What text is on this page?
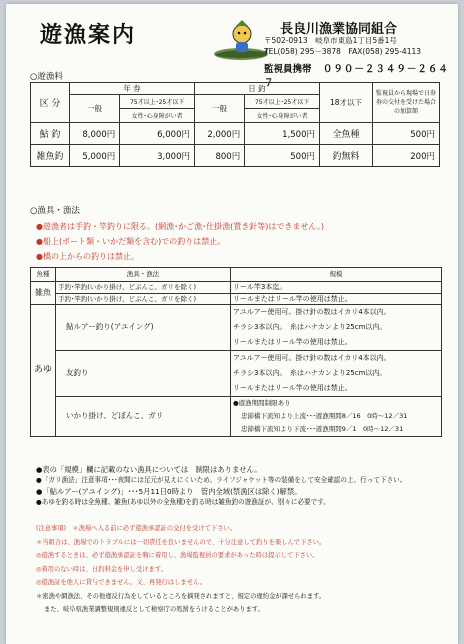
遊漁案内	長良川漁業協同組合
〒502-0913　岐阜市東島1丁目5番1号
TEL(058) 295－3878　FAX(058) 295-4113
監視員携帯 ０９０－２３４９－２６４７
○遊漁料
区 分	年 券		日 釣		18才以下	監視員から現場で日券券の交付を受けた場合の加算額
	一般	75才以上･25才以下	一般	75才以上･25才以下		
		女性･心身障がい者		女性･心身障がい者		
鮎 釣	8,000円	6,000円	2,000円	1,500円	全魚種	500円
雑魚釣	5,000円	3,000円	800円	500円	釣無料	200円
○漁具・漁法
●遊漁者は手釣・竿釣りに限る。(網漁･かご漁･仕掛漁(置き針等)はできません。)
●船上(ボート類・いかだ類を含む)での釣りは禁止。
●橋の上からの釣りは禁止。
魚種	漁具・漁法	規模
雑魚	手釣･竿釣(いかり掛け、どぶんこ、ガリを除く)	リール竿3本迄。
	手釣･竿釣(いかり掛け、どぶんこ、ガリを除く)	リールまたはリール竿の使用は禁止。
あゆ	鮎ルアー釣り(アユイング)	アユルアー使用可。掛け針の数はイカリ4本以内。
チラシ3本以内。　糸はハナカンより25cm以内。
リールまたはリール竿の使用は禁止。

	友釣り	アユルアー使用可。掛け針の数はイカリ4本以内。
チラシ3本以内。　糸はハナカンより25cm以内。
リールまたはリール竿の使用は禁止。

	いかり掛け、どぼんこ、ガリ	●遊漁期間制限あり
忠節橋下流知より上流･･･遊漁期間8／16　0時～12／31
忠節橋下流知より下流･･･遊漁期間9／1　0時～12／31
●表の「規模」欄に記載のない漁具については　制限はありません。
●「ガリ漁法」注意事項･･･夜間には足元が見えにくいため、ライフジャケット等の装備をして安全確認の上、行って下さい。
●「鮎ルアー(アユイング)」･･･5月11日0時より　管内全域(禁漁区は除く)解禁。
●あゆを釣る時は全魚種、雑魚(あゆ以外の全魚種)を釣る時は雑魚釣の遊漁証が、別々に必要です。
(注意事項)　＊漁場へ入る前に必ず遊漁承認証の交付を受けて下さい。
＊当組合は、漁場でのトラブルには一切責任を負いませんので、十分注意して釣りを楽しんで下さい。
◎遊漁するときは、必ず遊漁承認証を胸に着用し、漁場監視員の要求があった時は提示して下さい。
◎着用のない時は、日釣料金を申し受けます。
◎遊漁証を他人に貸与できません。又、再発行はしません。
＊密漁や網漁法、その他違反行為をしているところを摘発されますと、規定の違約金が課せられます。
また、岐阜県漁業調整規則違反として検察庁の処罰をうけることがあります。
